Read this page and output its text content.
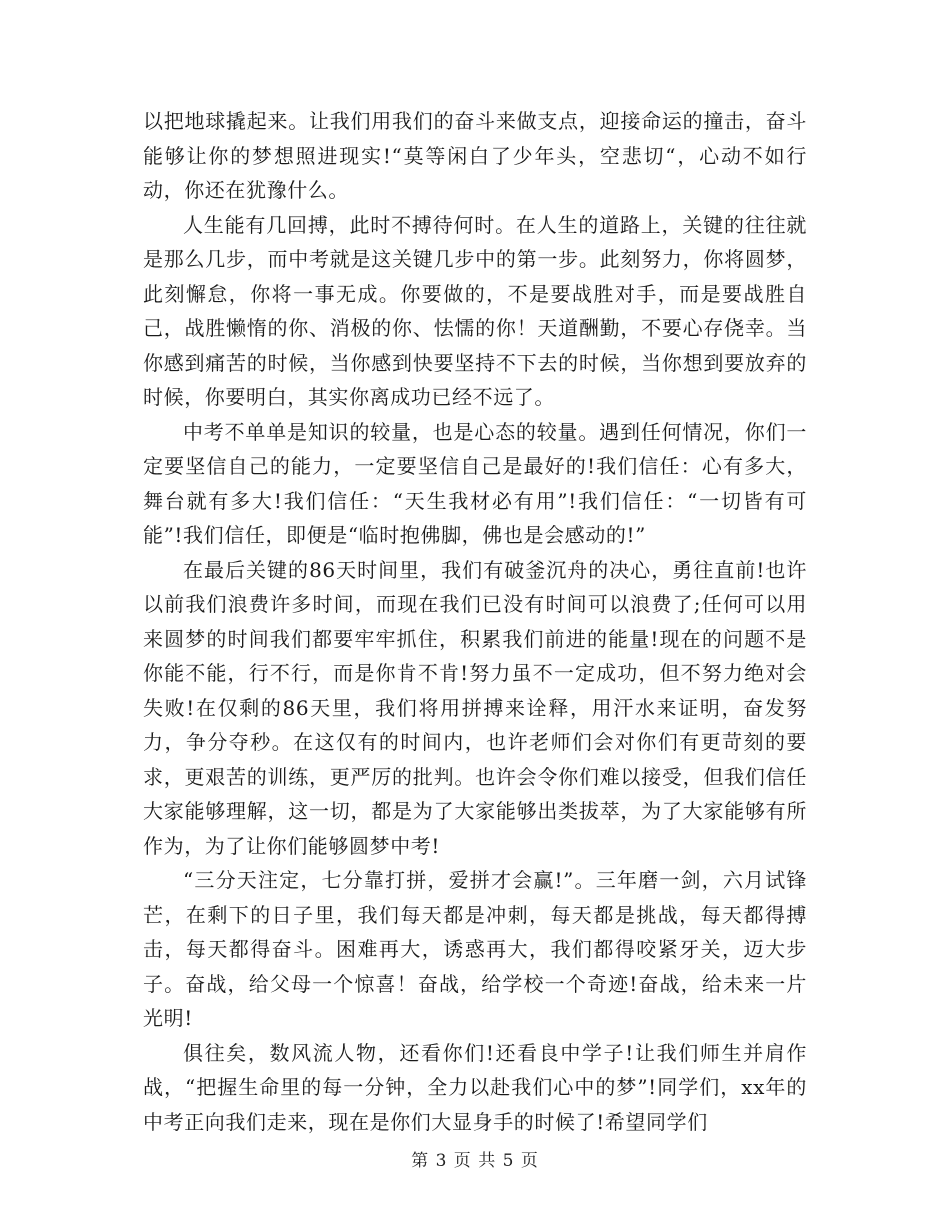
以把地球撬起来。让我们用我们的奋斗来做支点，迎接命运的撞击，奋斗能够让你的梦想照进现实!“莫等闲白了少年头，空悲切“，心动不如行动，你还在犹豫什么。

人生能有几回搏，此时不搏待何时。在人生的道路上，关键的往往就是那么几步，而中考就是这关键几步中的第一步。此刻努力，你将圆梦，此刻懈怠，你将一事无成。你要做的，不是要战胜对手，而是要战胜自己，战胜懒惰的你、消极的你、怯懦的你！天道酬勤，不要心存侥幸。当你感到痛苦的时候，当你感到快要坚持不下去的时候，当你想到要放弃的时候，你要明白，其实你离成功已经不远了。

中考不单单是知识的较量，也是心态的较量。遇到任何情况，你们一定要坚信自己的能力，一定要坚信自己是最好的!我们信任：心有多大，舞台就有多大!我们信任：“天生我材必有用”!我们信任：“一切皆有可能”!我们信任，即便是“临时抱佛脚，佛也是会感动的!”

在最后关键的86天时间里，我们有破釜沉舟的决心，勇往直前!也许以前我们浪费许多时间，而现在我们已没有时间可以浪费了;任何可以用来圆梦的时间我们都要牢牢抓住，积累我们前进的能量!现在的问题不是你能不能，行不行，而是你肯不肯!努力虽不一定成功，但不努力绝对会失败!在仅剩的86天里，我们将用拼搏来诠释，用汗水来证明，奋发努力，争分夺秒。在这仅有的时间内，也许老师们会对你们有更苛刻的要求，更艰苦的训练，更严厉的批判。也许会令你们难以接受，但我们信任大家能够理解，这一切，都是为了大家能够出类拔萃，为了大家能够有所作为，为了让你们能够圆梦中考!

“三分天注定，七分靠打拼，爱拼才会赢!”。三年磨一剑，六月试锋芒，在剩下的日子里，我们每天都是冲刺，每天都是挑战，每天都得搏击，每天都得奋斗。困难再大，诱惑再大，我们都得咬紧牙关，迈大步子。奋战，给父母一个惊喜！奋战，给学校一个奇迹!奋战，给未来一片光明!

俱往矣，数风流人物，还看你们!还看良中学子!让我们师生并肩作战，“把握生命里的每一分钟，全力以赴我们心中的梦”!同学们，xx年的中考正向我们走来，现在是你们大显身手的时候了!希望同学们

第 3 页 共 5 页
